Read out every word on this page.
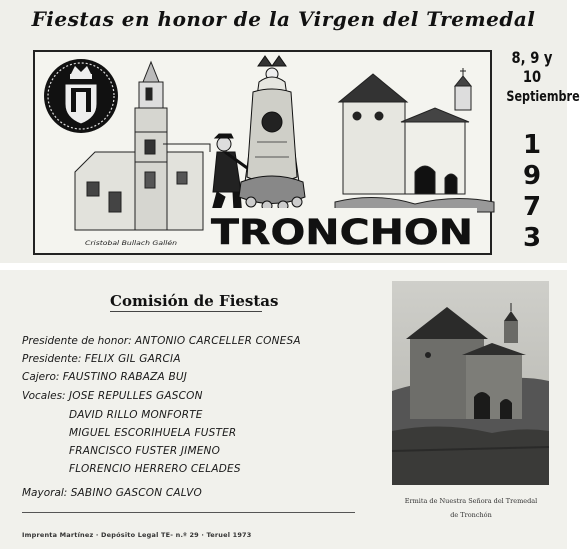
Fiestas en honor de la Virgen del Tremedal
TRONCHON
Cristobal Bullach Gallén
8, 9 y 10
Septiembre
1
9
7
3
Comisión de Fiestas
Presidente de honor: ANTONIO CARCELLER CONESA
Presidente: FELIX GIL GARCIA
Cajero: FAUSTINO RABAZA BUJ
Vocales: JOSE REPULLES GASCON
DAVID RILLO MONFORTE
MIGUEL ESCORIHUELA FUSTER
FRANCISCO FUSTER JIMENO
FLORENCIO HERRERO CELADES
Mayoral: SABINO GASCON CALVO
Imprenta Martínez · Depósito Legal TE- n.º 29 · Teruel 1973
Ermita de Nuestra Señora del Tremedal
de Tronchón
